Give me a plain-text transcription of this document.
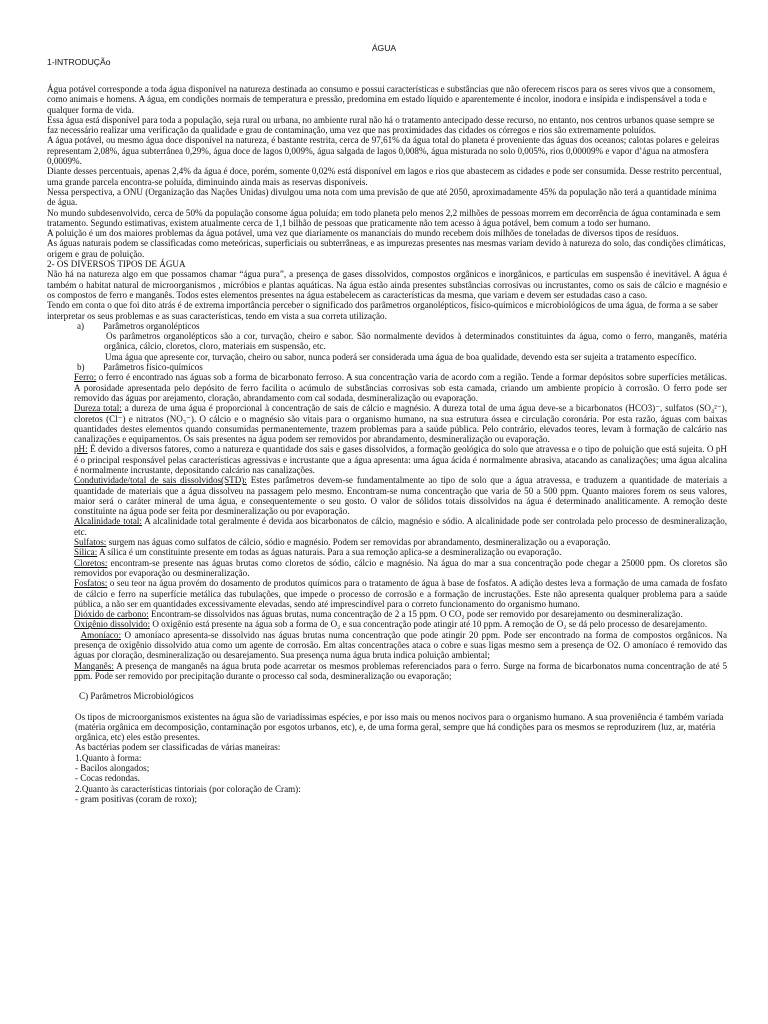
ÁGUA
1-INTRODUÇÃo

Água potável corresponde a toda água disponível na natureza destinada ao consumo e possui características e substâncias que não oferecem riscos para os seres vivos que a consomem, como animais e homens. A água, em condições normais de temperatura e pressão, predomina em estado líquido e aparentemente é incolor, inodora e insípida e indispensável a toda e qualquer forma de vida.

Essa água está disponível para toda a população, seja rural ou urbana, no ambiente rural não há o tratamento antecipado desse recurso, no entanto, nos centros urbanos quase sempre se faz necessário realizar uma verificação da qualidade e grau de contaminação, uma vez que nas proximidades das cidades os córregos e rios são extremamente poluídos.

A água potável, ou mesmo água doce disponível na natureza, é bastante restrita, cerca de 97,61% da água total do planeta é proveniente das águas dos oceanos; calotas polares e geleiras representam 2,08%, água subterrânea 0,29%, água doce de lagos 0,009%, água salgada de lagos 0,008%, água misturada no solo 0,005%, rios 0,00009% e vapor d’água na atmosfera 0,0009%.

Diante desses percentuais, apenas 2,4% da água é doce, porém, somente 0,02% está disponível em lagos e rios que abastecem as cidades e pode ser consumida. Desse restrito percentual, uma grande parcela encontra-se poluída, diminuindo ainda mais as reservas disponíveis.

Nessa perspectiva, a ONU (Organização das Nações Unidas) divulgou uma nota com uma previsão de que até 2050, aproximadamente 45% da população não terá a quantidade mínima de água.

No mundo subdesenvolvido, cerca de 50% da população consome água poluída; em todo planeta pelo menos 2,2 milhões de pessoas morrem em decorrência de água contaminada e sem tratamento. Segundo estimativas, existem atualmente cerca de 1,1 bilhão de pessoas que praticamente não tem acesso à água potável, bem comum a todo ser humano.

A poluição é um dos maiores problemas da água potável, uma vez que diariamente os mananciais do mundo recebem dois milhões de toneladas de diversos tipos de resíduos.

As águas naturais podem se classificadas como meteóricas, superficiais ou subterrâneas, e as impurezas presentes nas mesmas variam devido à natureza do solo, das condições climáticas, origem e grau de poluição.

2- OS DIVERSOS TIPOS DE ÁGUA

Não há na natureza algo em que possamos chamar “água pura”, a presença de gases dissolvidos, compostos orgânicos e inorgânicos, e partículas em suspensão é inevitável. A água é também o habitat natural de microorganismos , micróbios e plantas aquáticas. Na água estão ainda presentes substâncias corrosivas ou incrustantes, como os sais de cálcio e magnésio e os compostos de ferro e manganês. Todos estes elementos presentes na água estabelecem as características da mesma, que variam e devem ser estudadas caso a caso.

Tendo em conta o que foi dito atrás é de extrema importância perceber o significado dos parâmetros organolépticos, físico-químicos e microbiológicos de uma água, de forma a se saber interpretar os seus problemas e as suas características, tendo em vista a sua correta utilização.

a) Parâmetros organolépticos

Os parâmetros organolépticos são a cor, turvação, cheiro e sabor. São normalmente devidos à determinados constituintes da água, como o ferro, manganês, matéria orgânica, cálcio, cloretos, cloro, materiais em suspensão, etc.

Uma água que apresente cor, turvação, cheiro ou sabor, nunca poderá ser considerada uma água de boa qualidade, devendo esta ser sujeita a tratamento específico.

b) Parâmetros físico-químicos

Ferro: o ferro é encontrado nas águas sob a forma de bicarbonato ferroso. A sua concentração varia de acordo com a região. Tende a formar depósitos sobre superfícies metálicas. A porosidade apresentada pelo depósito de ferro facilita o acúmulo de substâncias corrosivas sob esta camada, criando um ambiente propício à corrosão. O ferro pode ser removido das águas por arejamento, cloração, abrandamento com cal sodada, desmineralização ou evaporação.

Dureza total: a dureza de uma água é proporcional à concentração de sais de cálcio e magnésio. A dureza total de uma água deve-se a bicarbonatos (HCO3)⁻, sulfatos (SO₄²⁻), cloretos (Cl⁻) e nitratos (NO₃⁻). O cálcio e o magnésio são vitais para o organismo humano, na sua estrutura óssea e circulação coronária. Por esta razão, águas com baixas quantidades destes elementos quando consumidas permanentemente, trazem problemas para a saúde pública. Pelo contrário, elevados teores, levam à formação de calcário nas canalizações e equipamentos. Os sais presentes na água podem ser removidos por abrandamento, desmineralização ou evaporação.

pH: É devido a diversos fatores, como a natureza e quantidade dos sais e gases dissolvidos, a formação geológica do solo que atravessa e o tipo de poluição que está sujeita. O pH é o principal responsável pelas características agressivas e incrustante que a água apresenta: uma água ácida é normalmente abrasiva, atacando as canalizações; uma água alcalina é normalmente incrustante, depositando calcário nas canalizações.

Condutividade/total de sais dissolvidos(STD): Estes parâmetros devem-se fundamentalmente ao tipo de solo que a água atravessa, e traduzem a quantidade de materiais a quantidade de materiais que a água dissolveu na passagem pelo mesmo. Encontram-se numa concentração que varia de 50 a 500 ppm. Quanto maiores forem os seus valores, maior será o caráter mineral de uma água, e consequentemente o seu gosto. O valor de sólidos totais dissolvidos na água é determinado analiticamente. A remoção deste constituinte na água pode ser feita por desmineralização ou por evaporação.

Alcalinidade total: A alcalinidade total geralmente é devida aos bicarbonatos de cálcio, magnésio e sódio. A alcalinidade pode ser controlada pelo processo de desmineralização, etc.

Sulfatos: surgem nas águas como sulfatos de cálcio, sódio e magnésio. Podem ser removidas por abrandamento, desmineralização ou a evaporação.

Sílica: A sílica é um constituinte presente em todas as águas naturais. Para a sua remoção aplica-se a desmineralização ou evaporação.

Cloretos: encontram-se presente nas águas brutas como cloretos de sódio, cálcio e magnésio. Na água do mar a sua concentração pode chegar a 25000 ppm. Os cloretos são removidos por evaporação ou desmineralização.

Fosfatos: o seu teor na água provém do dosamento de produtos químicos para o tratamento de água à base de fosfatos. A adição destes leva a formação de uma camada de fosfato de cálcio e ferro na superfície metálica das tubulações, que impede o processo de corrosão e a formação de incrustações. Este não apresenta qualquer problema para a saúde pública, a não ser em quantidades excessivamente elevadas, sendo até imprescindível para o correto funcionamento do organismo humano.

Dióxido de carbono: Encontram-se dissolvidos nas águas brutas, numa concentração de 2 a 15 ppm. O CO₂ pode ser removido por desarejamento ou desmineralização.

Oxigênio dissolvido: O oxigênio está presente na água sob a forma de O₂ e sua concentração pode atingir até 10 ppm. A remoção de O₂ se dá pelo processo de desarejamento.

Amoníaco: O amoníaco apresenta-se dissolvido nas águas brutas numa concentração que pode atingir 20 ppm. Pode ser encontrado na forma de compostos orgânicos. Na presença de oxigênio dissolvido atua como um agente de corrosão. Em altas concentrações ataca o cobre e suas ligas mesmo sem a presença de O2. O amoníaco é removido das águas por cloração, desmineralização ou desarejamento. Sua presença numa água bruta indica poluição ambiental;

Manganês: A presença de manganês na água bruta pode acarretar os mesmos problemas referenciados para o ferro. Surge na forma de bicarbonatos numa concentração de até 5 ppm. Pode ser removido por precipitação durante o processo cal soda, desmineralização ou evaporação;

C) Parâmetros Microbiológicos

Os tipos de microorganismos existentes na água são de variadíssimas espécies, e por isso mais ou menos nocivos para o organismo humano. A sua proveniência é também variada (matéria orgânica em decomposição, contaminação por esgotos urbanos, etc), e, de uma forma geral, sempre que há condições para os mesmos se reproduzirem (luz, ar, matéria orgânica, etc) eles estão presentes.

As bactérias podem ser classificadas de várias maneiras:

1.Quanto à forma:

- Bacilos alongados;

- Cocas redondas.

2.Quanto às características tintoriais (por coloração de Cram):

- gram positivas (coram de roxo);
